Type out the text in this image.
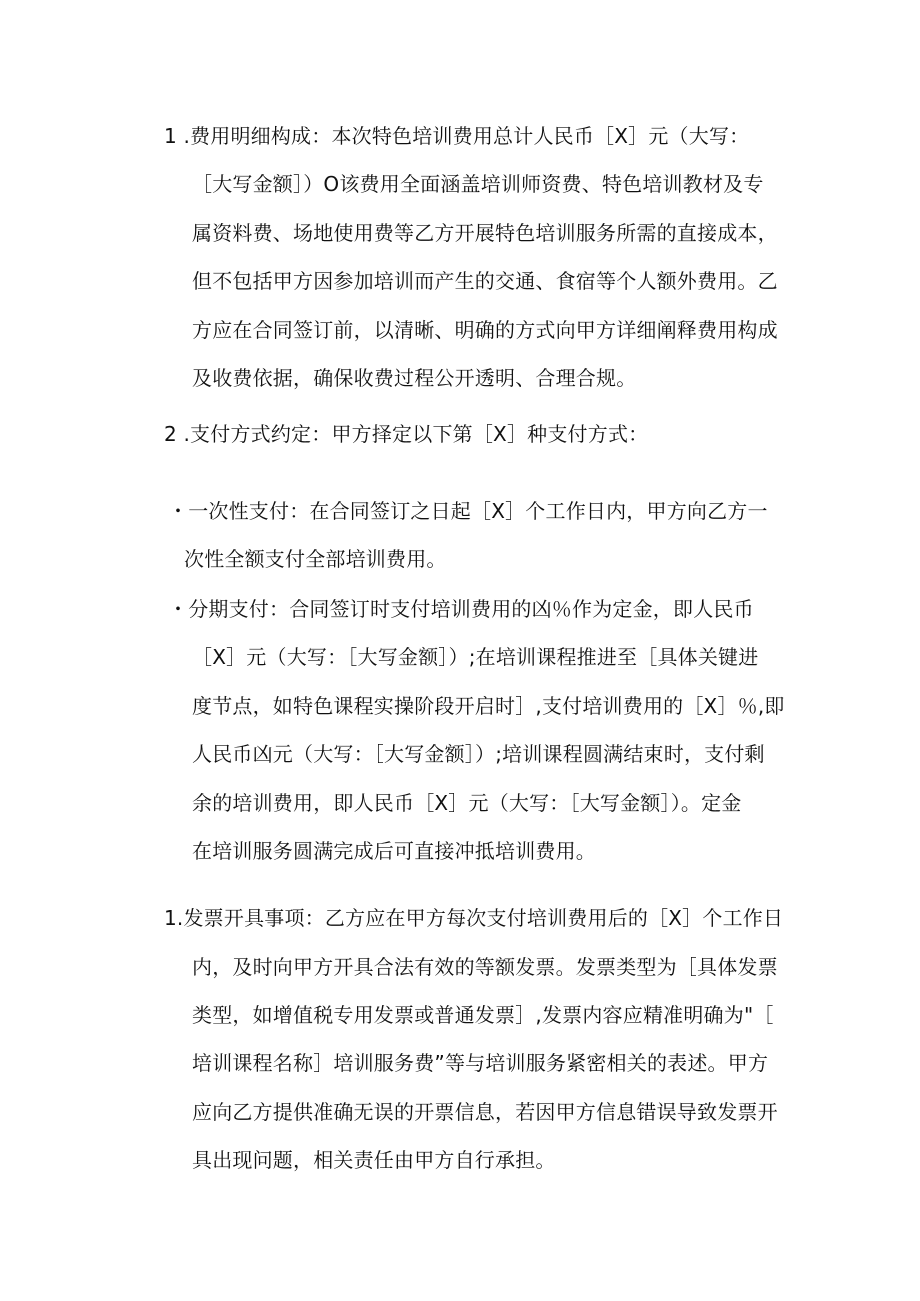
1 .费用明细构成：本次特色培训费用总计人民币［X］元（大写：
［大写金额］）O该费用全面涵盖培训师资费、特色培训教材及专
属资料费、场地使用费等乙方开展特色培训服务所需的直接成本，
但不包括甲方因参加培训而产生的交通、食宿等个人额外费用。乙
方应在合同签订前，以清晰、明确的方式向甲方详细阐释费用构成
及收费依据，确保收费过程公开透明、合理合规。
2 .支付方式约定：甲方择定以下第［X］种支付方式：
・一次性支付：在合同签订之日起［X］个工作日内，甲方向乙方一
次性全额支付全部培训费用。
・分期支付：合同签订时支付培训费用的凶％作为定金，即人民币
［X］元（大写：［大写金额］）;在培训课程推进至［具体关键进
度节点，如特色课程实操阶段开启时］,支付培训费用的［X］％,即
人民币凶元（大写：［大写金额］）;培训课程圆满结束时，支付剩
余的培训费用，即人民币［X］元（大写：［大写金额］）。定金
在培训服务圆满完成后可直接冲抵培训费用。
1.发票开具事项：乙方应在甲方每次支付培训费用后的［X］个工作日
内，及时向甲方开具合法有效的等额发票。发票类型为［具体发票
类型，如增值税专用发票或普通发票］,发票内容应精准明确为"［
培训课程名称］培训服务费”等与培训服务紧密相关的表述。甲方
应向乙方提供准确无误的开票信息，若因甲方信息错误导致发票开
具出现问题，相关责任由甲方自行承担。
